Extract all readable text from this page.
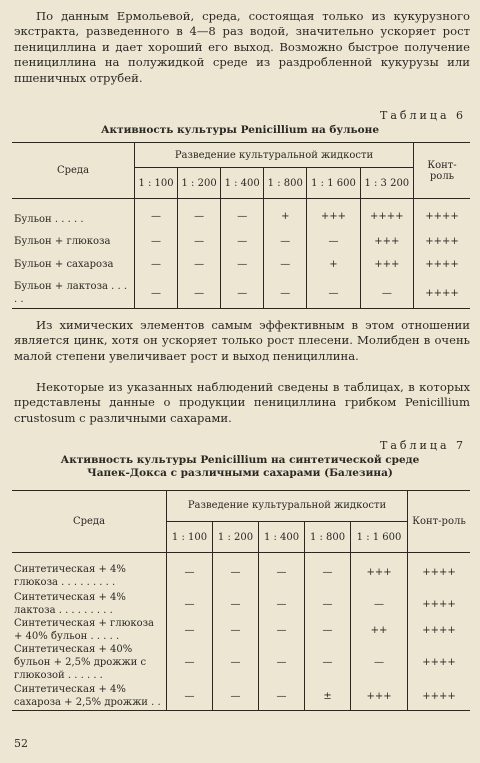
По данным Ермольевой, среда, состоящая только из кукурузного экстракта, разведенного в 4—8 раз водой, значительно ускоряет рост пенициллина и дает хороший его выход. Возможно быстрое получение пенициллина на полужидкой среде из раздробленной кукурузы или пшеничных отрубей.

Таблица 6
Активность культуры Penicillium на бульоне
Среда	Разведение культуральной жидкости						Конт-роль
	1 : 100	1 : 200	1 : 400	1 : 800	1 : 1 600	1 : 3 200	
Бульон . . . . .	—	—	—	+	+++	++++	++++
Бульон + глюкоза	—	—	—	—	—	+++	++++
Бульон + сахароза	—	—	—	—	+	+++	++++
Бульон + лактоза . . . . .	—	—	—	—	—	—	++++

Из химических элементов самым эффективным в этом отношении является цинк, хотя он ускоряет только рост плесени. Молибден в очень малой степени увеличивает рост и выход пенициллина.

Некоторые из указанных наблюдений сведены в таблицах, в которых представлены данные о продукции пенициллина грибком Penicillium crustosum с различными сахарами.

Таблица 7
Активность культуры Penicillium на синтетической среде
Чапек-Докса с различными сахарами (Балезина)
Среда	Разведение культуральной жидкости					Конт-роль
	1 : 100	1 : 200	1 : 400	1 : 800	1 : 1 600	
Синтетическая + 4% глюкоза . . . . . . . . .	—	—	—	—	+++	++++
Синтетическая + 4% лактоза . . . . . . . . .	—	—	—	—	—	++++
Синтетическая + глюкоза + 40% бульон . . . . .	—	—	—	—	++	++++
Синтетическая + 40% бульон + 2,5% дрожжи с глюкозой . . . . . .	—	—	—	—	—	++++
Синтетическая + 4% сахароза + 2,5% дрожжи . .	—	—	—	±	+++	++++
52
